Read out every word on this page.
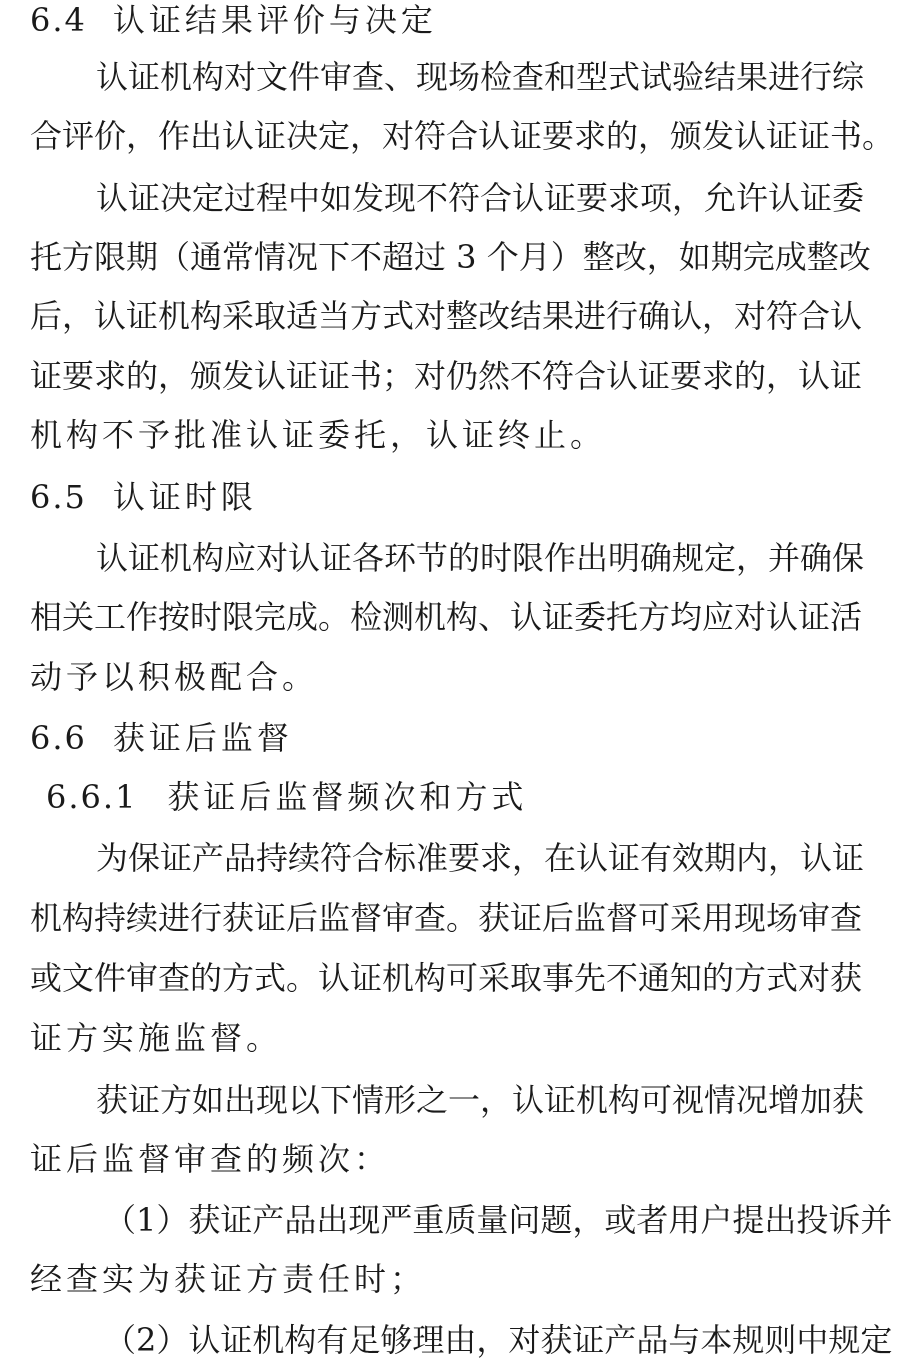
6.4 认证结果评价与决定
认证机构对文件审查、现场检查和型式试验结果进行综
合评价，作出认证决定，对符合认证要求的，颁发认证证书。
认证决定过程中如发现不符合认证要求项，允许认证委
托方限期（通常情况下不超过 3 个月）整改，如期完成整改
后，认证机构采取适当方式对整改结果进行确认，对符合认
证要求的，颁发认证证书；对仍然不符合认证要求的，认证
机构不予批准认证委托，认证终止。
6.5 认证时限
认证机构应对认证各环节的时限作出明确规定，并确保
相关工作按时限完成。检测机构、认证委托方均应对认证活
动予以积极配合。
6.6 获证后监督
6.6.1 获证后监督频次和方式
为保证产品持续符合标准要求，在认证有效期内，认证
机构持续进行获证后监督审查。获证后监督可采用现场审查
或文件审查的方式。认证机构可采取事先不通知的方式对获
证方实施监督。
获证方如出现以下情形之一，认证机构可视情况增加获
证后监督审查的频次：
（1）获证产品出现严重质量问题，或者用户提出投诉并
经查实为获证方责任时；
（2）认证机构有足够理由，对获证产品与本规则中规定
